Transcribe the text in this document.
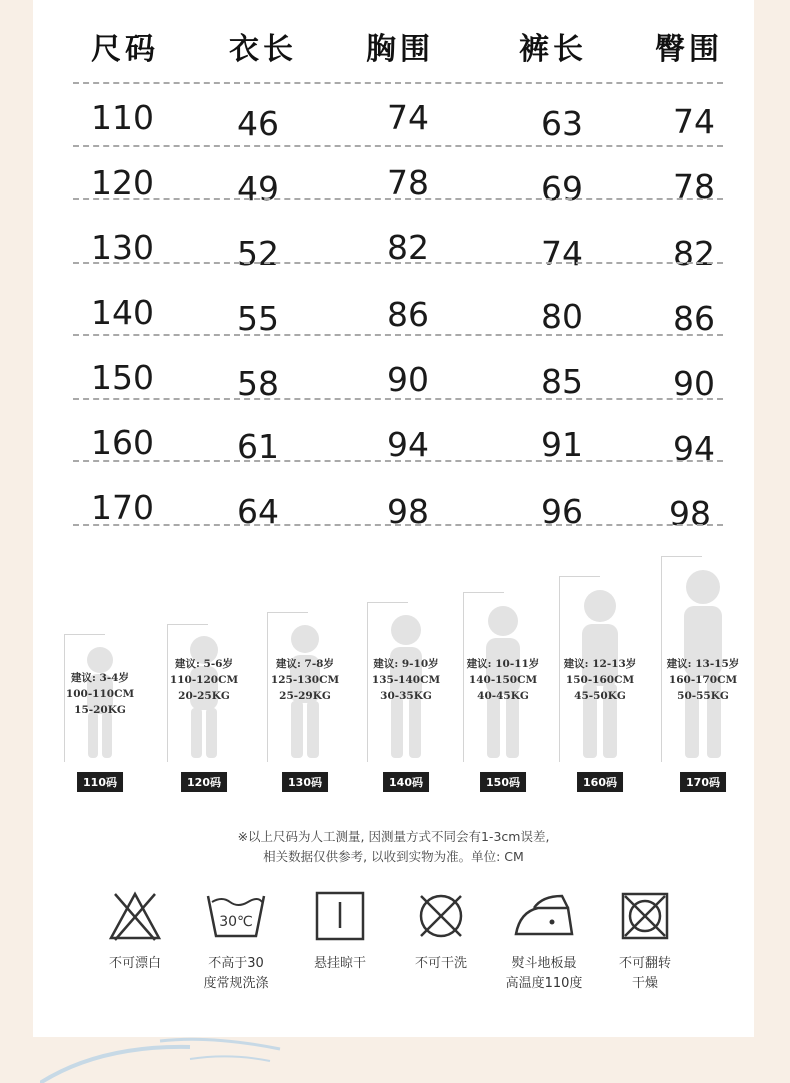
尺码 衣长 胸围	裤长 臀围
110	46	74	63	74
120	49	78	69	78
130	52	82	74	82
140	55	86	80	86
150	58	90	85	90
160	61	94	91	94
170	64	98	96	98
建议: 3-4岁
100-110CM
15-20KG
110码
建议: 5-6岁
110-120CM
20-25KG
120码
建议: 7-8岁
125-130CM
25-29KG
130码
建议: 9-10岁
135-140CM
30-35KG
140码
建议: 10-11岁
140-150CM
40-45KG
150码
建议: 12-13岁
150-160CM
45-50KG
160码
建议: 13-15岁
160-170CM
50-55KG
170码
※以上尺码为人工测量, 因测量方式不同会有1-3cm误差,
相关数据仅供参考, 以收到实物为准。单位: CM
不可漂白
30℃
不高于30
度常规洗涤
悬挂晾干	不可干洗	熨斗地板最
高温度110度
不可翻转
干燥
